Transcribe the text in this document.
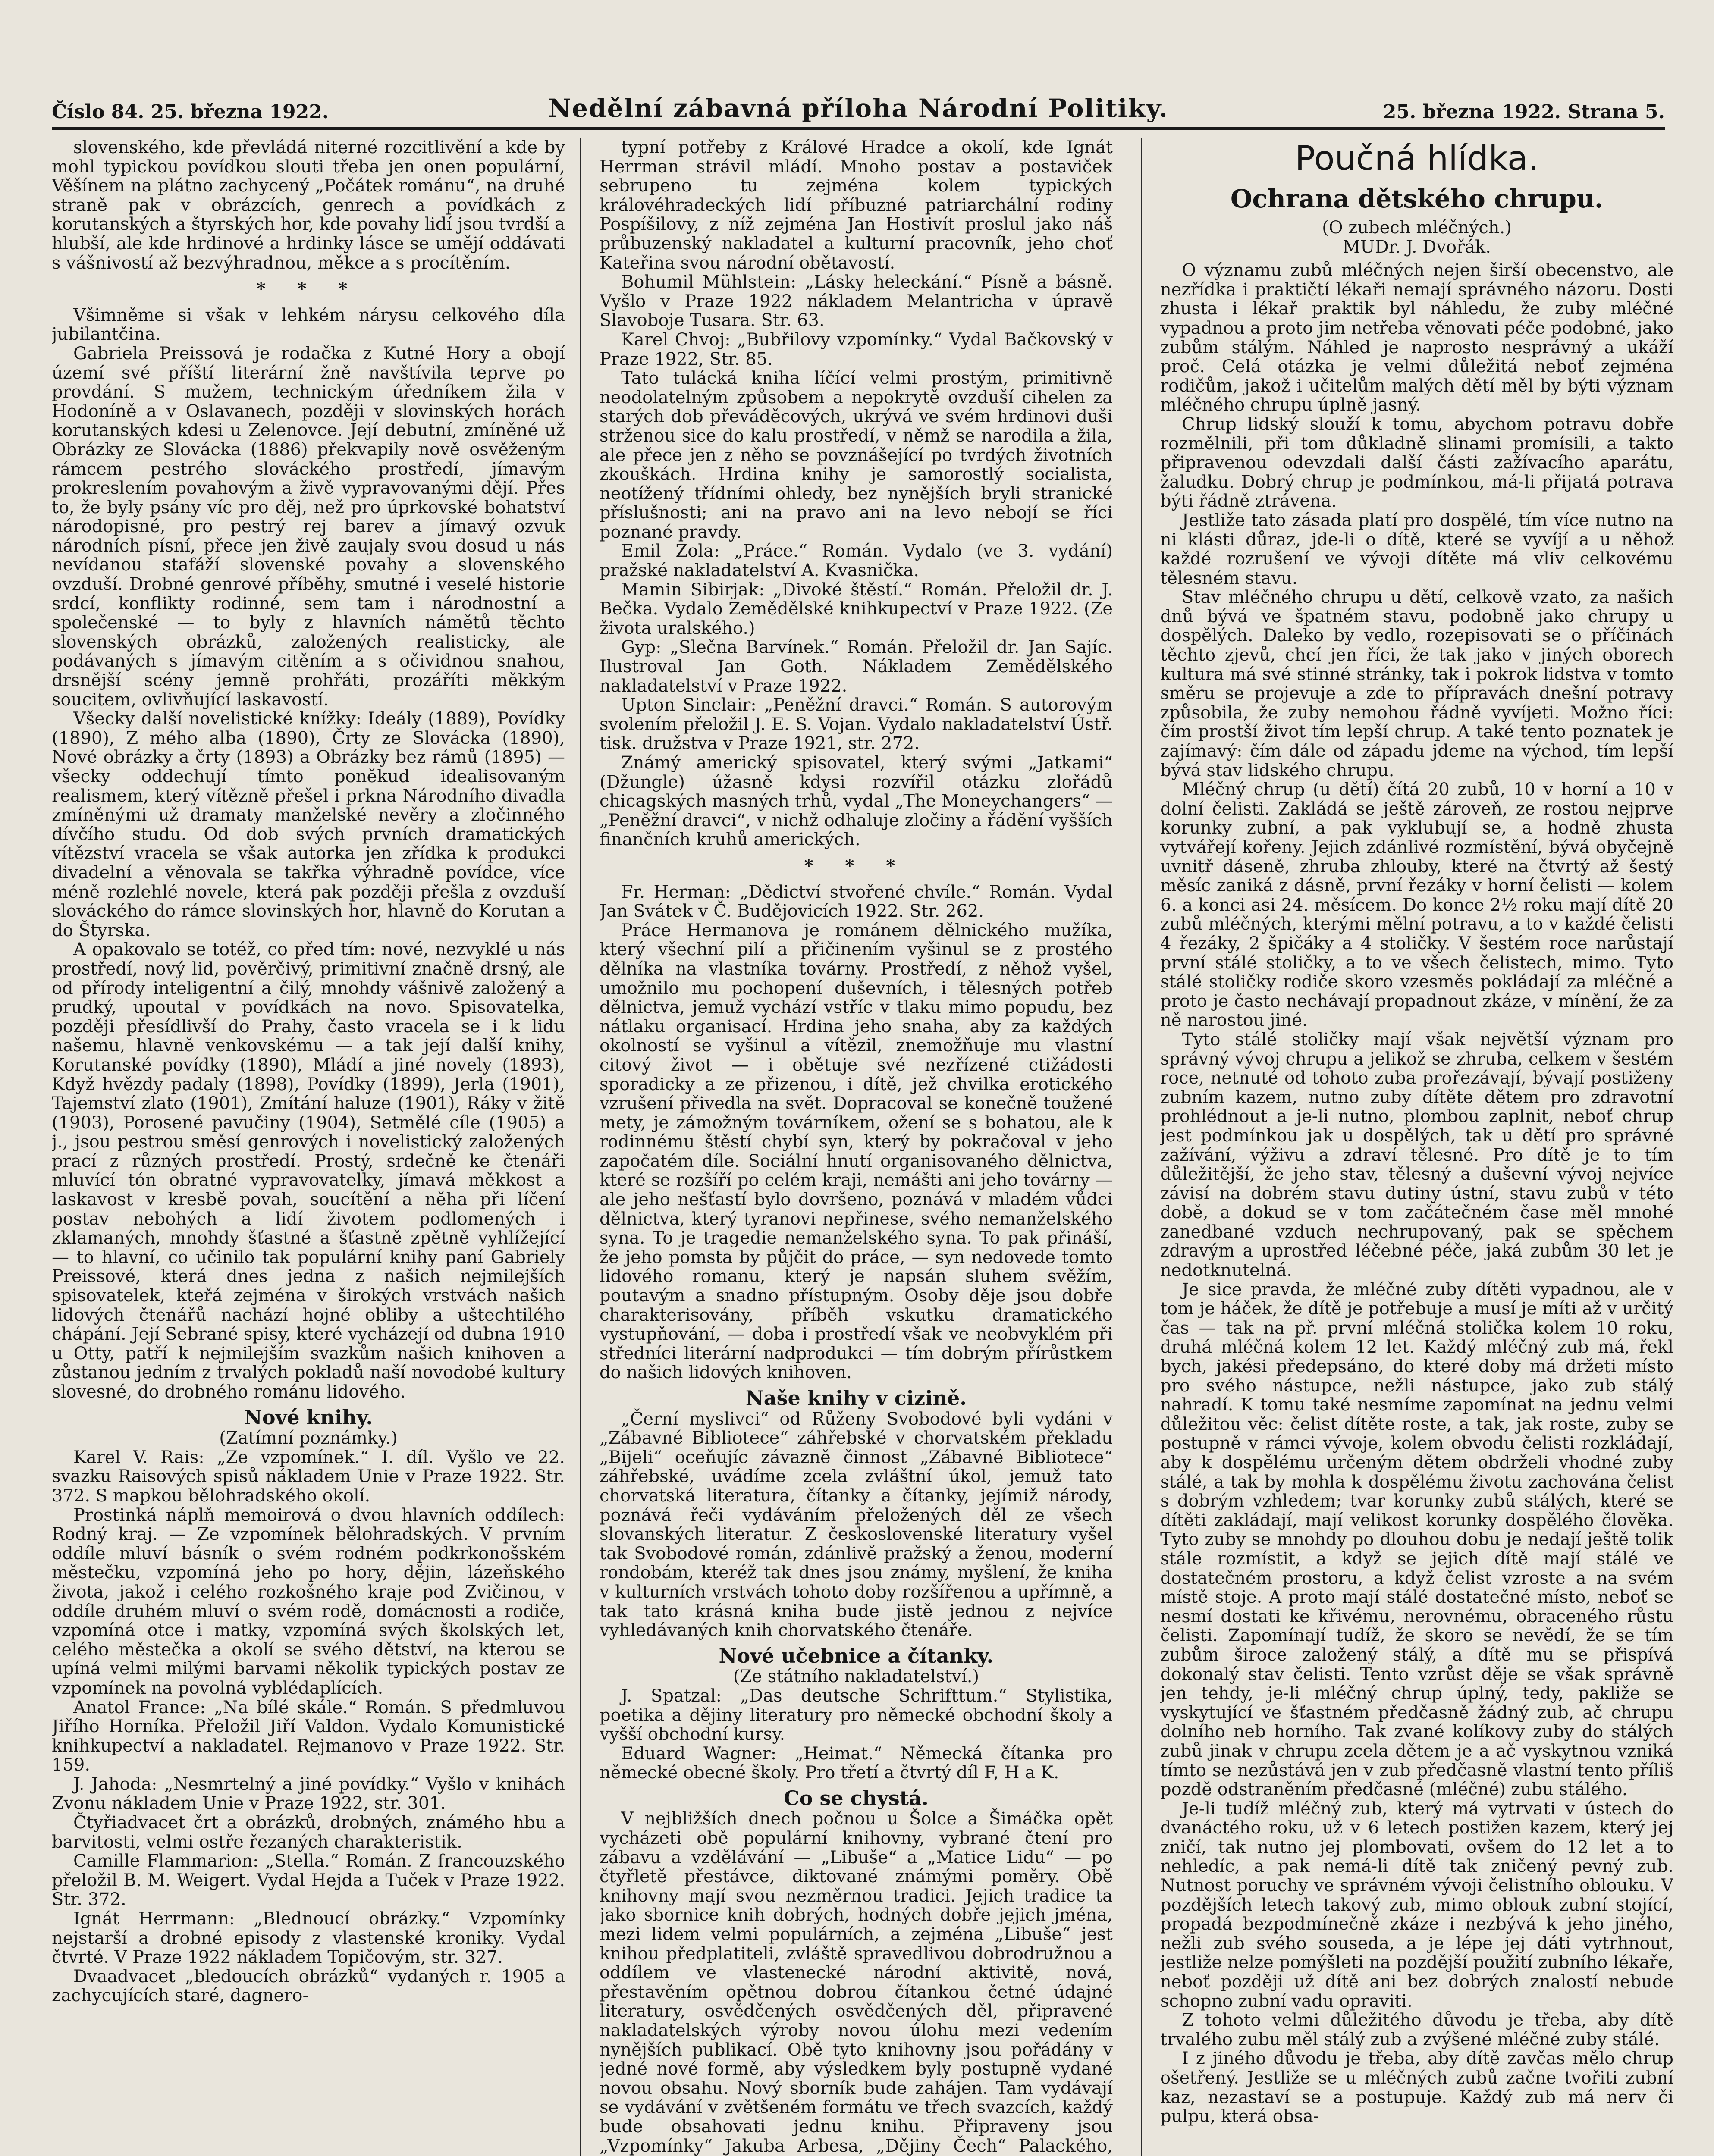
Číslo 84. 25. března 1922.	Nedělní zábavná příloha Národní Politiky.	25. března 1922. Strana 5.

slovenského, kde převládá niterné rozcitlivění a kde by mohl typickou povídkou slouti třeba jen onen populární, Věšínem na plátno zachycený „Počátek románu“, na druhé straně pak v obrázcích, genrech a povídkách z korutanských a štyrských hor, kde povahy lidí jsou tvrdší a hlubší, ale kde hrdinové a hrdinky lásce se umějí oddávati s vášnivostí až bezvýhradnou, měkce a s procítěním.

* * *

Všimněme si však v lehkém nárysu celkového díla jubilantčina.

Gabriela Preissová je rodačka z Kutné Hory a obojí území své příští literární žně navštívila teprve po provdání. S mužem, technickým úředníkem žila v Hodoníně a v Oslavanech, později v slovinských horách korutanských kdesi u Zelenovce. Její debutní, zmíněné už Obrázky ze Slovácka (1886) překvapily nově osvěženým rámcem pestrého slováckého prostředí, jímavým prokreslením povahovým a živě vypravovanými dějí. Přes to, že byly psány víc pro děj, než pro úprkovské bohatství národopisné, pro pestrý rej barev a jímavý ozvuk národních písní, přece jen živě zaujaly svou dosud u nás nevídanou stafáží slovenské povahy a slovenského ovzduší. Drobné genrové příběhy, smutné i veselé historie srdcí, konflikty rodinné, sem tam i národnostní a společenské — to byly z hlavních námětů těchto slovenských obrázků, založených realisticky, ale podávaných s jímavým citěním a s očividnou snahou, drsnější scény jemně prohřáti, prozáříti měkkým soucitem, ovlivňující laskavostí.

Všecky další novelistické knížky: Ideály (1889), Povídky (1890), Z mého alba (1890), Črty ze Slovácka (1890), Nové obrázky a črty (1893) a Obrázky bez rámů (1895) — všecky oddechují tímto poněkud idealisovaným realismem, který vítězně přešel i prkna Národního divadla zmíněnými už dramaty manželské nevěry a zločinného dívčího studu. Od dob svých prvních dramatických vítězství vracela se však autorka jen zřídka k produkci divadelní a věnovala se takřka výhradně povídce, více méně rozlehlé novele, která pak později přešla z ovzduší slováckého do rámce slovinských hor, hlavně do Korutan a do Štyrska.

A opakovalo se totéž, co před tím: nové, nezvyklé u nás prostředí, nový lid, pověrčivý, primitivní značně drsný, ale od přírody inteligentní a čilý, mnohdy vášnivě založený a prudký, upoutal v povídkách na novo. Spisovatelka, později přesídlivší do Prahy, často vracela se i k lidu našemu, hlavně venkovskému — a tak její další knihy, Korutanské povídky (1890), Mládí a jiné novely (1893), Když hvězdy padaly (1898), Povídky (1899), Jerla (1901), Tajemství zlato (1901), Zmítání haluze (1901), Ráky v žitě (1903), Porosené pavučiny (1904), Setmělé cíle (1905) a j., jsou pestrou směsí genrových i novelistický založených prací z různých prostředí. Prostý, srdečně ke čtenáři mluvící tón obratné vypravovatelky, jímavá měkkost a laskavost v kresbě povah, soucítění a něha při líčení postav nebohých a lidí životem podlomených i zklamaných, mnohdy šťastné a šťastně zpětně vyhlížející — to hlavní, co učinilo tak populární knihy paní Gabriely Preissové, která dnes jedna z našich nejmilejších spisovatelek, kteřá zejména v širokých vrstvách našich lidových čtenářů nachází hojné obliby a uštechtilého chápání. Její Sebrané spisy, které vycházejí od dubna 1910 u Otty, patří k nejmilejším svazkům našich knihoven a zůstanou jedním z trvalých pokladů naší novodobé kultury slovesné, do drobného románu lidového.

Nové knihy.

(Zatímní poznámky.)

Karel V. Rais: „Ze vzpomínek.“ I. díl. Vyšlo ve 22. svazku Raisových spisů nákladem Unie v Praze 1922. Str. 372. S mapkou bělohradského okolí.

Prostinká náplň memoirová o dvou hlavních oddílech: Rodný kraj. — Ze vzpomínek bělohradských. V prvním oddíle mluví básník o svém rodném podkrkonošském městečku, vzpomíná jeho po hory, dějin, lázeňského života, jakož i celého rozkošného kraje pod Zvičinou, v oddíle druhém mluví o svém rodě, domácnosti a rodiče, vzpomíná otce i matky, vzpomíná svých školských let, celého městečka a okolí se svého dětství, na kterou se upíná velmi milými barvami několik typických postav ze vzpomínek na povolná vyblédaplících.

Anatol France: „Na bílé skále.“ Román. S předmluvou Jiřího Horníka. Přeložil Jiří Valdon. Vydalo Komunistické knihkupectví a nakladatel. Rejmanovo v Praze 1922. Str. 159.

J. Jahoda: „Nesmrtelný a jiné povídky.“ Vyšlo v knihách Zvonu nákladem Unie v Praze 1922, str. 301.

Čtyřiadvacet črt a obrázků, drobných, známého hbu a barvitosti, velmi ostře řezaných charakteristik.

Camille Flammarion: „Stella.“ Román. Z francouzského přeložil B. M. Weigert. Vydal Hejda a Tuček v Praze 1922. Str. 372.

Ignát Herrmann: „Blednoucí obrázky.“ Vzpomínky nejstarší a drobné episody z vlastenské kroniky. Vydal čtvrté. V Praze 1922 nákladem Topičovým, str. 327.

Dvaadvacet „bledoucích obrázků“ vydaných r. 1905 a zachycujících staré, dagnero-

typní potřeby z Králové Hradce a okolí, kde Ignát Herrman strávil mládí. Mnoho postav a postaviček sebrupeno tu zejména kolem typických královéhradeckých lidí příbuzné patriarchální rodiny Pospíšilovy, z níž zejména Jan Hostivít proslul jako náš průbuzenský nakladatel a kulturní pracovník, jeho choť Kateřina svou národní obětavostí.

Bohumil Mühlstein: „Lásky heleckání.“ Písně a básně. Vyšlo v Praze 1922 nákladem Melantricha v úpravě Slavoboje Tusara. Str. 63.

Karel Chvoj: „Bubřilovy vzpomínky.“ Vydal Bačkovský v Praze 1922, Str. 85.

Tato tulácká kniha líčící velmi prostým, primitivně neodolatelným způsobem a nepokrytě ovzduší cihelen za starých dob převáděcových, ukrývá ve svém hrdinovi duši strženou sice do kalu prostředí, v němž se narodila a žila, ale přece jen z něho se povznášející po tvrdých životních zkouškách. Hrdina knihy je samorostlý socialista, neotížený třídními ohledy, bez nynějších bryli stranické příslušnosti; ani na pravo ani na levo nebojí se říci poznané pravdy.

Emil Zola: „Práce.“ Román. Vydalo (ve 3. vydání) pražské nakladatelství A. Kvasnička.

Mamin Sibirjak: „Divoké štěstí.“ Román. Přeložil dr. J. Bečka. Vydalo Zemědělské knihkupectví v Praze 1922. (Ze života uralského.)

Gyp: „Slečna Barvínek.“ Román. Přeložil dr. Jan Sajíc. Ilustroval Jan Goth. Nákladem Zemědělského nakladatelství v Praze 1922.

Upton Sinclair: „Peněžní dravci.“ Román. S autorovým svolením přeložil J. E. S. Vojan. Vydalo nakladatelství Ústř. tisk. družstva v Praze 1921, str. 272.

Známý americký spisovatel, který svými „Jatkami“ (Džungle) úžasně kdysi rozvířil otázku zlořádů chicagských masných trhů, vydal „The Moneychangers“ — „Peněžní dravci“, v nichž odhaluje zločiny a řádění vyšších finančních kruhů amerických.

* * *

Fr. Herman: „Dědictví stvořené chvíle.“ Román. Vydal Jan Svátek v Č. Budějovicích 1922. Str. 262.

Práce Hermanova je románem dělnického mužíka, který všechní pilí a přičinením vyšinul se z prostého dělníka na vlastníka továrny. Prostředí, z něhož vyšel, umožnilo mu pochopení duševních, i tělesných potřeb dělnictva, jemuž vychází vstříc v tlaku mimo popudu, bez nátlaku organisací. Hrdina jeho snaha, aby za každých okolností se vyšinul a vítězil, znemožňuje mu vlastní citový život — i obětuje své nezřízené ctižádosti sporadicky a ze přizenou, i dítě, jež chvilka erotického vzrušení přivedla na svět. Dopracoval se konečně toužené mety, je zámožným továrníkem, ožení se s bohatou, ale k rodinnému štěstí chybí syn, který by pokračoval v jeho započatém díle. Sociální hnutí organisovaného dělnictva, které se rozšíří po celém kraji, nemášti ani jeho továrny — ale jeho nešťastí bylo dovršeno, poznává v mladém vůdci dělnictva, který tyranovi nepřinese, svého nemanželského syna. To je tragedie nemanželského syna. To pak přináší, že jeho pomsta by půjčit do práce, — syn nedovede tomto lidového romanu, který je napsán sluhem svěžím, poutavým a snadno přístupným. Osoby děje jsou dobře charakterisovány, příběh vskutku dramatického vystupňování, — doba i prostředí však ve neobvyklém při středníci literární nadprodukci — tím dobrým přírůstkem do našich lidových knihoven.

Naše knihy v cizině.

„Černí myslivci“ od Růženy Svobodové byli vydáni v „Zábavné Bibliotece“ záhřebské v chorvatském překladu „Bijeli“ oceňujíc závazně činnost „Zábavné Bibliotece“ záhřebské, uvádíme zcela zvláštní úkol, jemuž tato chorvatská literatura, čítanky a čítanky, jejímiž národy, poznává řeči vydáváním přeložených děl ze všech slovanských literatur. Z československé literatury vyšel tak Svobodové román, zdánlivě pražský a ženou, moderní rondobám, kteréž tak dnes jsou známy, myšlení, že kniha v kulturních vrstvách tohoto doby rozšířenou a upřímně, a tak tato krásná kniha bude jistě jednou z nejvíce vyhledávaných knih chorvatského čtenáře.

Nové učebnice a čítanky.

(Ze státního nakladatelství.)

J. Spatzal: „Das deutsche Schrifttum.“ Stylistika, poetika a dějiny literatury pro německé obchodní školy a vyšší obchodní kursy.

Eduard Wagner: „Heimat.“ Německá čítanka pro německé obecné školy. Pro třetí a čtvrtý díl F, H a K.

Co se chystá.

V nejbližších dnech počnou u Šolce a Šimáčka opět vycházeti obě populární knihovny, vybrané čtení pro zábavu a vzdělávání — „Libuše“ a „Matice Lidu“ — po čtyřletě přestávce, diktované známými poměry. Obě knihovny mají svou nezměrnou tradici. Jejich tradice ta jako sbornice knih dobrých, hodných dobře jejich jména, mezi lidem velmi populárních, a zejména „Libuše“ jest knihou předplatiteli, zvláště spravedlivou dobrodružnou a oddílem ve vlastenecké národní aktivitě, nová, přestavěním opětnou dobrou čítankou četné údajné literatury, osvědčených osvědčených děl, připravené nakladatelských výroby novou úlohu mezi vedením nynějších publikací. Obě tyto knihovny jsou pořádány v jedné nové formě, aby výsledkem byly postupně vydané novou obsahu. Nový sborník bude zahájen. Tam vydávají se vydávání v zvětšeném formátu ve třech svazcích, každý bude obsahovati jednu knihu. Připraveny jsou „Vzpomínky“ Jakuba Arbesa, „Dějiny Čech“ Palackého,

Poučná hlídka.
Ochrana dětského chrupu.

(O zubech mléčných.)

MUDr. J. Dvořák.

O významu zubů mléčných nejen širší obecenstvo, ale nezřídka i praktičtí lékaři nemají správného názoru. Dosti zhusta i lékař praktik byl náhledu, že zuby mléčné vypadnou a proto jim netřeba věnovati péče podobné, jako zubům stálým. Náhled je naprosto nesprávný a ukáží proč. Celá otázka je velmi důležitá neboť zejména rodičům, jakož i učitelům malých dětí měl by býti význam mléčného chrupu úplně jasný.

Chrup lidský slouží k tomu, abychom potravu dobře rozmělnili, při tom důkladně slinami promísili, a takto připravenou odevzdali další části zažívacího aparátu, žaludku. Dobrý chrup je podmínkou, má-li přijatá potrava býti řádně ztrávena.

Jestliže tato zásada platí pro dospělé, tím více nutno na ni klásti důraz, jde-li o dítě, které se vyvíjí a u něhož každé rozrušení ve vývoji dítěte má vliv celkovému tělesném stavu.

Stav mléčného chrupu u dětí, celkově vzato, za našich dnů bývá ve špatném stavu, podobně jako chrupy u dospělých. Daleko by vedlo, rozepisovati se o příčinách těchto zjevů, chcí jen říci, že tak jako v jiných oborech kultura má své stinné stránky, tak i pokrok lidstva v tomto směru se projevuje a zde to přípravách dnešní potravy způsobila, že zuby nemohou řádně vyvíjeti. Možno říci: čím prostší život tím lepší chrup. A také tento poznatek je zajímavý: čím dále od západu jdeme na východ, tím lepší bývá stav lidského chrupu.

Mléčný chrup (u dětí) čítá 20 zubů, 10 v horní a 10 v dolní čelisti. Zakládá se ještě zároveň, ze rostou nejprve korunky zubní, a pak vyklubují se, a hodně zhusta vytvářejí kořeny. Jejich zdánlivé rozmístění, bývá obyčejně uvnitř dáseně, zhruba zhlouby, které na čtvrtý až šestý měsíc zaniká z dásně, první řezáky v horní čelisti — kolem 6. a konci asi 24. měsícem. Do konce 2½ roku mají dítě 20 zubů mléčných, kterými mělní potravu, a to v každé čelisti 4 řezáky, 2 špičáky a 4 stoličky. V šestém roce narůstají první stálé stoličky, a to ve všech čelistech, mimo. Tyto stálé stoličky rodiče skoro vzesměs pokládají za mléčné a proto je často nechávají propadnout zkáze, v mínění, že za ně narostou jiné.

Tyto stálé stoličky mají však největší význam pro správný vývoj chrupu a jelikož se zhruba, celkem v šestém roce, netnuté od tohoto zuba prořezávají, bývají postiženy zubním kazem, nutno zuby dítěte dětem pro zdravotní prohlédnout a je-li nutno, plombou zaplnit, neboť chrup jest podmínkou jak u dospělých, tak u dětí pro správné zažívání, výživu a zdraví tělesné. Pro dítě je to tím důležitější, že jeho stav, tělesný a duševní vývoj nejvíce závisí na dobrém stavu dutiny ústní, stavu zubů v této době, a dokud se v tom začátečném čase měl mnohé zanedbané vzduch nechrupovaný, pak se spěchem zdravým a uprostřed léčebné péče, jaká zubům 30 let je nedotknutelná.

Je sice pravda, že mléčné zuby dítěti vypadnou, ale v tom je háček, že dítě je potřebuje a musí je míti až v určitý čas — tak na př. první mléčná stolička kolem 10 roku, druhá mléčná kolem 12 let. Každý mléčný zub má, řekl bych, jakési předepsáno, do které doby má držeti místo pro svého nástupce, nežli nástupce, jako zub stálý nahradí. K tomu také nesmíme zapomínat na jednu velmi důležitou věc: čelist dítěte roste, a tak, jak roste, zuby se postupně v rámci vývoje, kolem obvodu čelisti rozkládají, aby k dospělému určeným dětem obdrželi vhodné zuby stálé, a tak by mohla k dospělému životu zachována čelist s dobrým vzhledem; tvar korunky zubů stálých, které se dítěti zakládají, mají velikost korunky dospělého člověka. Tyto zuby se mnohdy po dlouhou dobu je nedají ještě tolik stále rozmístit, a když se jejich dítě mají stálé ve dostatečném prostoru, a když čelist vzroste a na svém místě stoje. A proto mají stálé dostatečné místo, neboť se nesmí dostati ke křivému, nerovnému, obraceného růstu čelisti. Zapomínají tudíž, že skoro se nevědí, že se tím zubům široce založený stálý, a dítě mu se přispívá dokonalý stav čelisti. Tento vzrůst děje se však správně jen tehdy, je-li mléčný chrup úplný, tedy, pakliže se vyskytující ve šťastném předčasně žádný zub, ač chrupu dolního neb horního. Tak zvané kolíkovy zuby do stálých zubů jinak v chrupu zcela dětem je a ač vyskytnou vzniká tímto se nezůstává jen v zub předčasně vlastní tento příliš pozdě odstraněním předčasné (mléčné) zubu stálého.

Je-li tudíž mléčný zub, který má vytrvati v ústech do dvanáctého roku, už v 6 letech postižen kazem, který jej zničí, tak nutno jej plombovati, ovšem do 12 let a to nehledíc, a pak nemá-li dítě tak zničený pevný zub. Nutnost poruchy ve správném vývoji čelistního oblouku. V pozdějších letech takový zub, mimo oblouk zubní stojící, propadá bezpodmínečně zkáze i nezbývá k jeho jiného, nežli zub svého souseda, a je lépe jej dáti vytrhnout, jestliže nelze pomýšleti na pozdější použití zubního lékaře, neboť později už dítě ani bez dobrých znalostí nebude schopno zubní vadu opraviti.

Z tohoto velmi důležitého důvodu je třeba, aby dítě trvalého zubu měl stálý zub a zvýšené mléčné zuby stálé.

I z jiného důvodu je třeba, aby dítě zavčas mělo chrup ošetřený. Jestliže se u mléčných zubů začne tvořiti zubní kaz, nezastaví se a postupuje. Každý zub má nerv či pulpu, která obsa-
